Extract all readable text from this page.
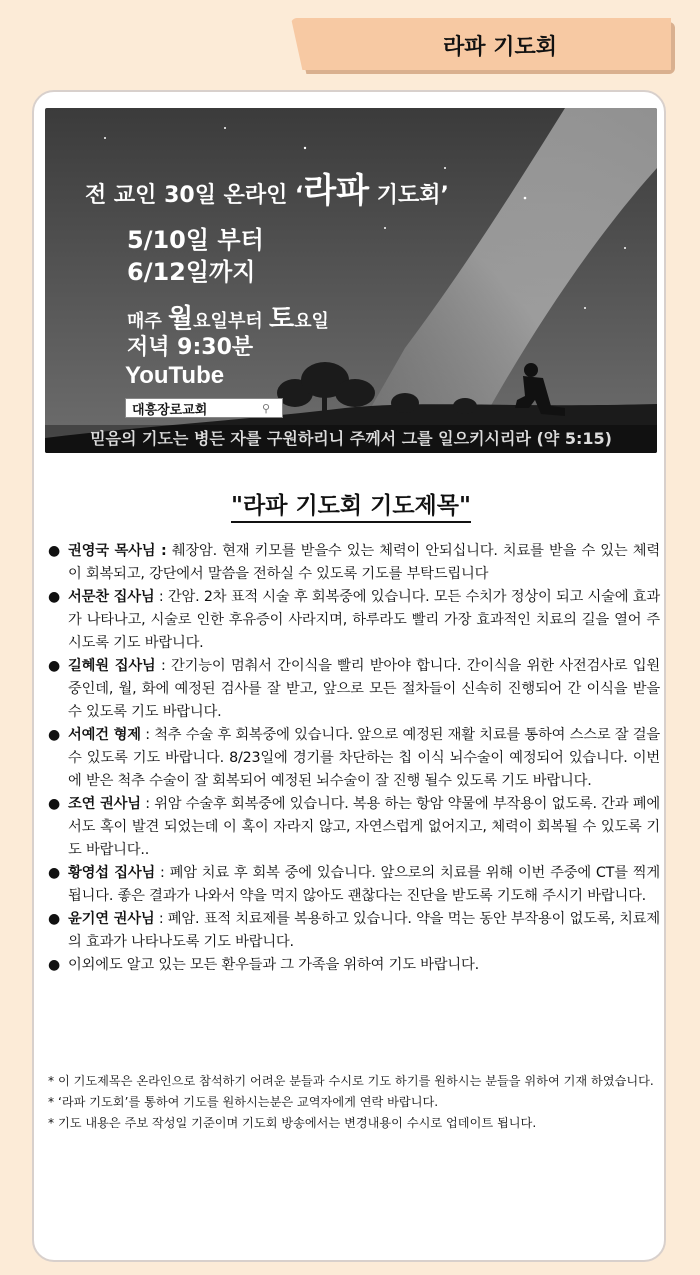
라파 기도회
전 교인 30일 온라인 ‘라파 기도회’
5/10일 부터
6/12일까지
매주 월요일부터 토요일
저녁 9:30분
YouTube
대흥장로교회	⚲
믿음의 기도는 병든 자를 구원하리니 주께서 그를 일으키시리라 (약 5:15)
"라파 기도회 기도제목"
● 권영국 목사님 : 췌장암. 현재 키모를 받을수 있는 체력이 안되십니다. 치료를 받을 수 있는 체력이 회복되고, 강단에서 말씀을 전하실 수 있도록 기도를 부탁드립니다
● 서문찬 집사님 : 간암. 2차 표적 시술 후 회복중에 있습니다. 모든 수치가 정상이 되고 시술에 효과가 나타나고, 시술로 인한 후유증이 사라지며, 하루라도 빨리 가장 효과적인 치료의 길을 열어 주시도록 기도 바랍니다.
● 길혜원 집사님 : 간기능이 멈춰서 간이식을 빨리 받아야 합니다. 간이식을 위한 사전검사로 입원 중인데, 월, 화에 예정된 검사를 잘 받고, 앞으로 모든 절차들이 신속히 진행되어 간 이식을 받을 수 있도록 기도 바랍니다.
● 서예건 형제 : 척추 수술 후 회복중에 있습니다. 앞으로 예정된 재활 치료를 통하여 스스로 잘 걸을 수 있도록 기도 바랍니다. 8/23일에 경기를 차단하는 칩 이식 뇌수술이 예정되어 있습니다. 이번에 받은 척추 수술이 잘 회복되어 예정된 뇌수술이 잘 진행 될수 있도록 기도 바랍니다.
● 조연 권사님 : 위암 수술후 회복중에 있습니다. 복용 하는 항암 약물에 부작용이 없도록. 간과 폐에서도 혹이 발견 되었는데 이 혹이 자라지 않고, 자연스럽게 없어지고, 체력이 회복될 수 있도록 기도 바랍니다..
● 황영섭 집사님 : 폐암 치료 후 회복 중에 있습니다. 앞으로의 치료를 위해 이번 주중에 CT를 찍게 됩니다. 좋은 결과가 나와서 약을 먹지 않아도 괜찮다는 진단을 받도록 기도해 주시기 바랍니다.
● 윤기연 권사님 : 폐암. 표적 치료제를 복용하고 있습니다. 약을 먹는 동안 부작용이 없도록, 치료제의 효과가 나타나도록 기도 바랍니다.
● 이외에도 알고 있는 모든 환우들과 그 가족을 위하여 기도 바랍니다.

* 이 기도제목은 온라인으로 참석하기 어려운 분들과 수시로 기도 하기를 원하시는 분들을 위하여 기재 하였습니다.

* ‘라파 기도회’를 통하여 기도를 원하시는분은 교역자에게 연락 바랍니다.

* 기도 내용은 주보 작성일 기준이며 기도회 방송에서는 변경내용이 수시로 업데이트 됩니다.
